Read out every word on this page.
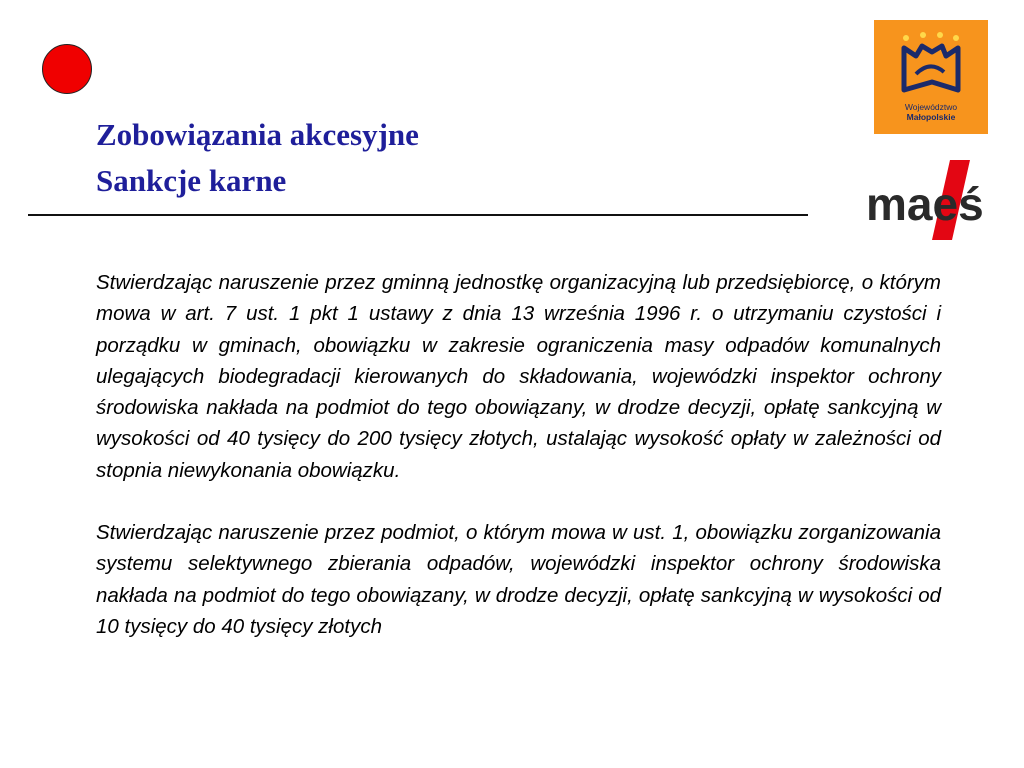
Zobowiązania akcesyjne
Sankcje karne
Województwo
Małopolskie
maeś

Stwierdzając naruszenie przez gminną jednostkę organizacyjną lub przedsiębiorcę, o którym mowa w art. 7 ust. 1 pkt 1 ustawy z dnia 13 września 1996 r. o utrzymaniu czystości i porządku w gminach, obowiązku w zakresie ograniczenia masy odpadów komunalnych ulegających biodegradacji kierowanych do składowania, wojewódzki inspektor ochrony środowiska nakłada na podmiot do tego obowiązany, w drodze decyzji, opłatę sankcyjną w wysokości od 40 tysięcy do 200 tysięcy złotych, ustalając wysokość opłaty w zależności od stopnia niewykonania obowiązku.

Stwierdzając naruszenie przez podmiot, o którym mowa w ust. 1, obowiązku zorganizowania systemu selektywnego zbierania odpadów, wojewódzki inspektor ochrony środowiska nakłada na podmiot do tego obowiązany, w drodze decyzji, opłatę sankcyjną w wysokości od 10 tysięcy do 40 tysięcy złotych
